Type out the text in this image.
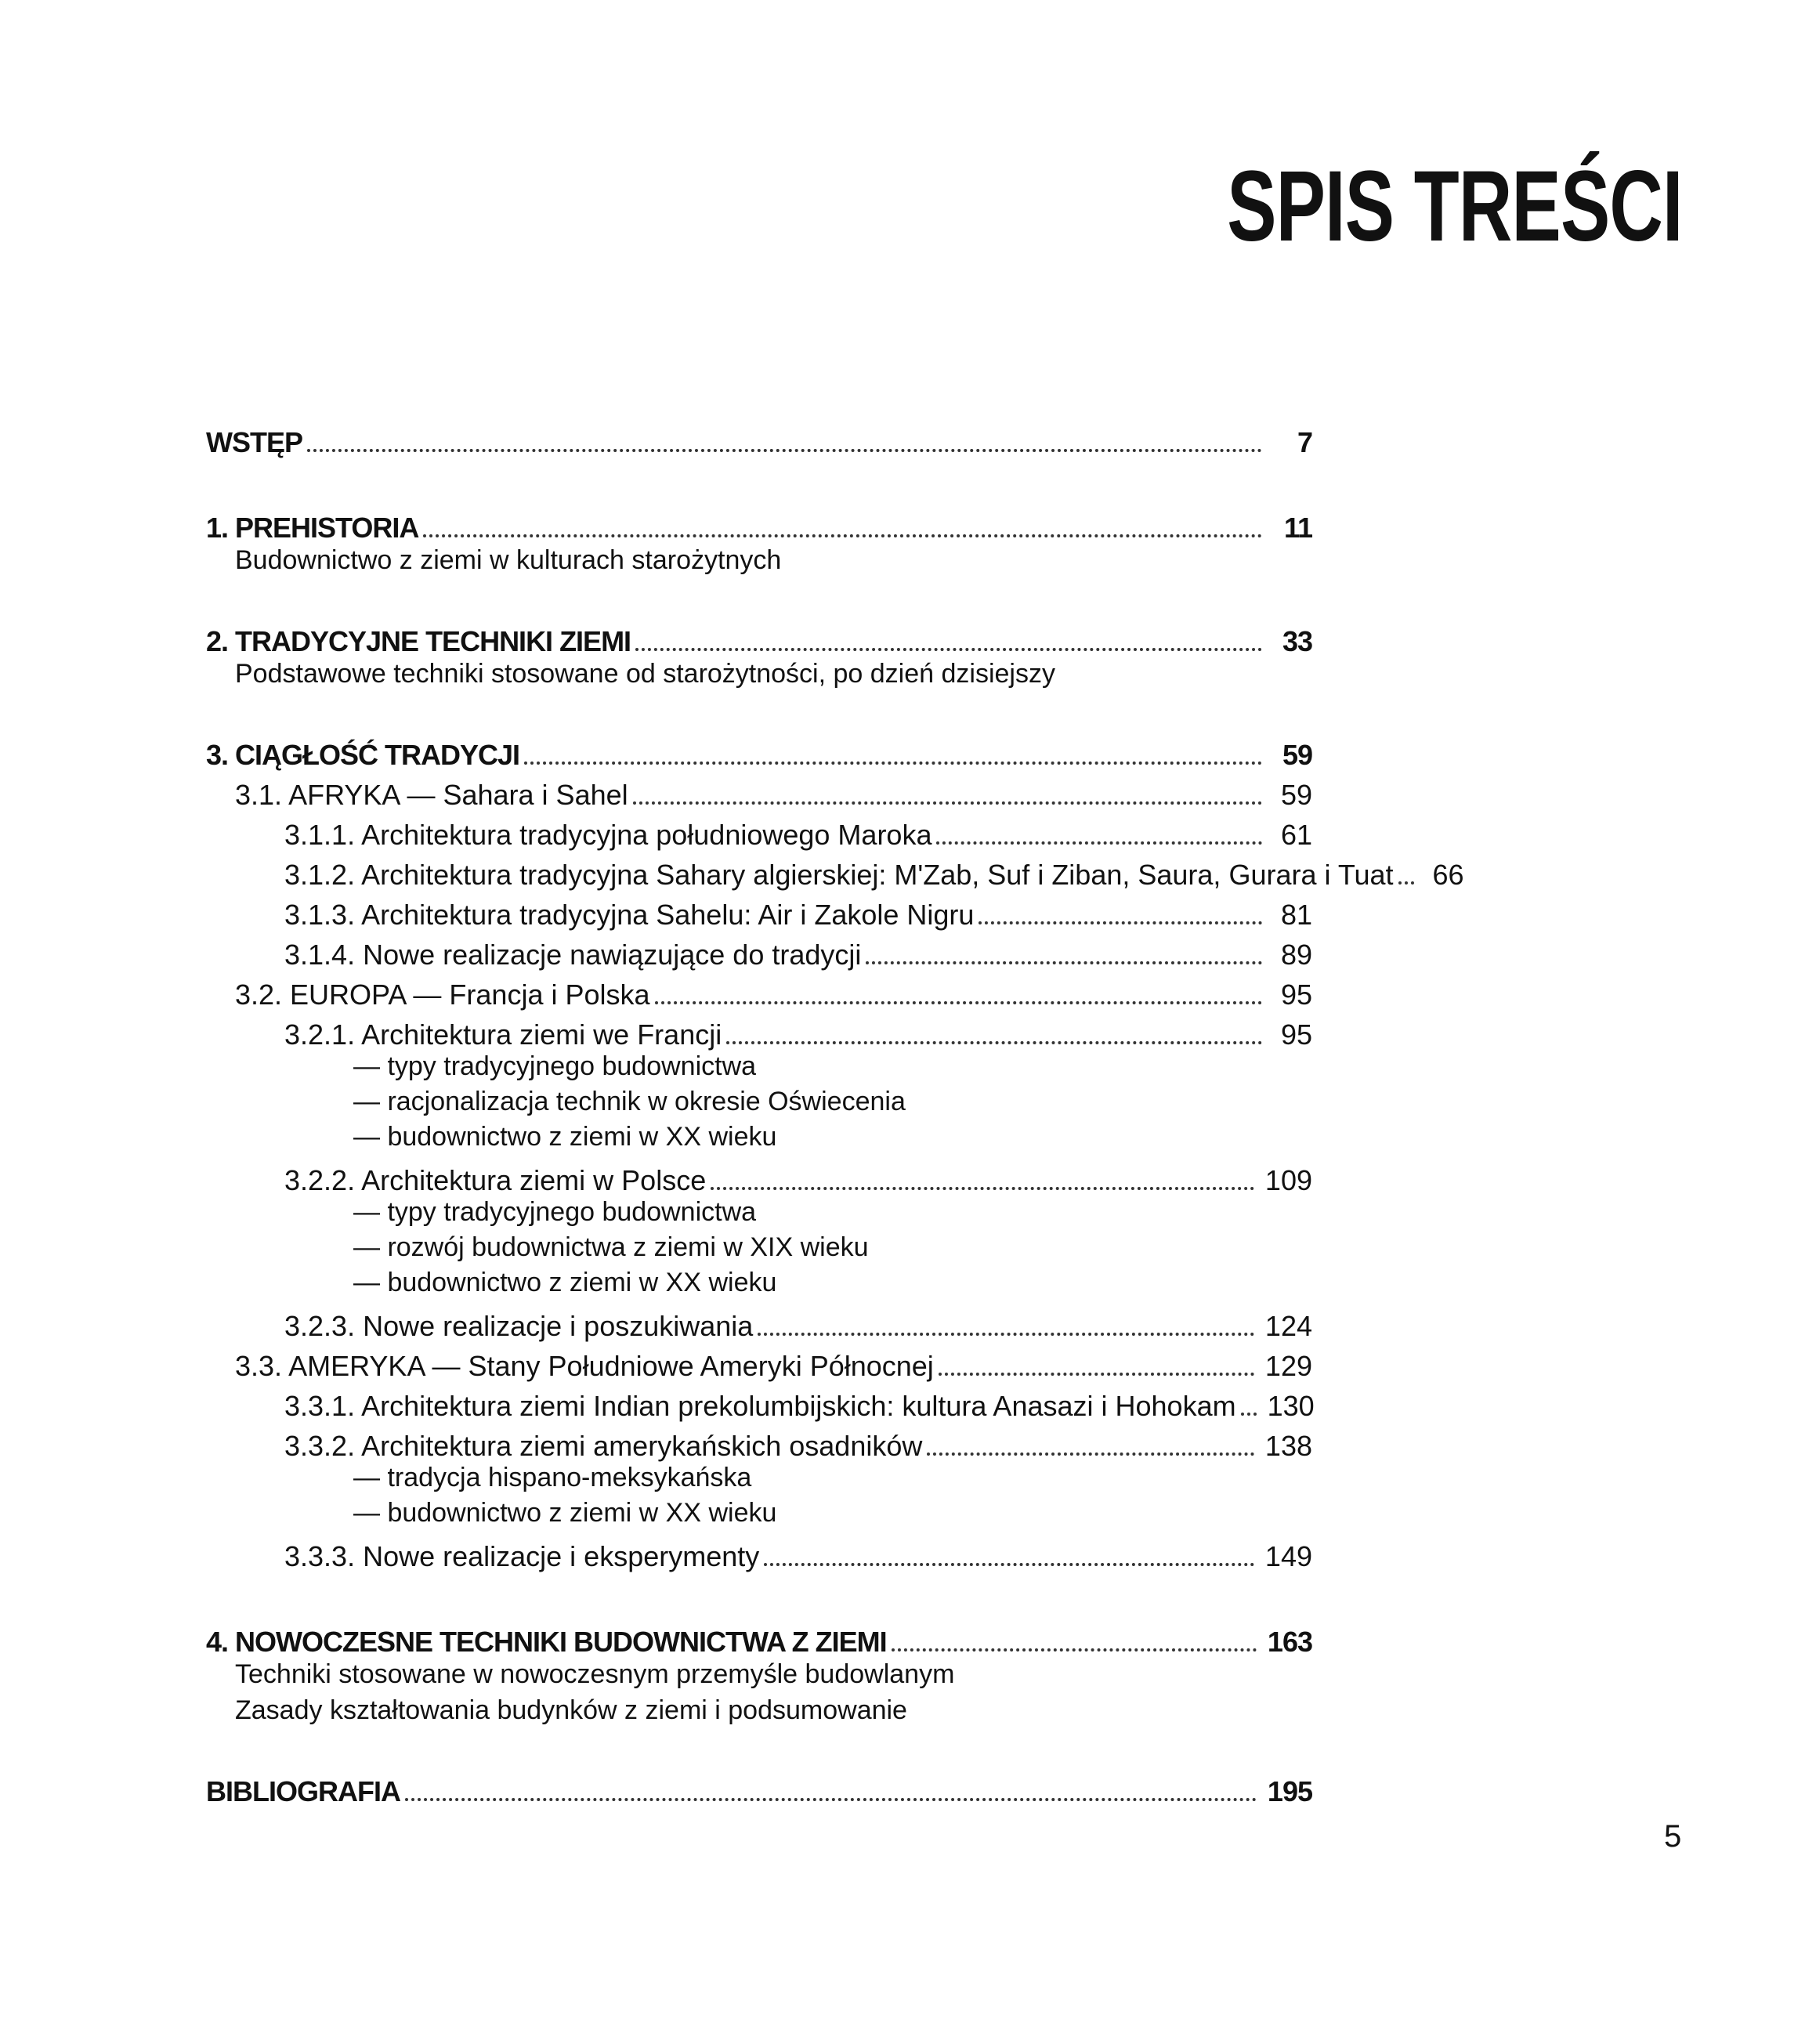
SPIS TREŚCI
WSTĘP	7
1. PREHISTORIA	11
Budownictwo z ziemi w kulturach starożytnych
2. TRADYCYJNE TECHNIKI ZIEMI	33
Podstawowe techniki stosowane od starożytności, po dzień dzisiejszy
3. CIĄGŁOŚĆ TRADYCJI	59
3.1. AFRYKA — Sahara i Sahel	59
3.1.1. Architektura tradycyjna południowego Maroka	61
3.1.2. Architektura tradycyjna Sahary algierskiej: M'Zab, Suf i Ziban, Saura, Gurara i Tuat 66
3.1.3. Architektura tradycyjna Sahelu: Air i Zakole Nigru	81
3.1.4. Nowe realizacje nawiązujące do tradycji	89
3.2. EUROPA — Francja i Polska	95
3.2.1. Architektura ziemi we Francji	95
— typy tradycyjnego budownictwa
— racjonalizacja technik w okresie Oświecenia
— budownictwo z ziemi w XX wieku
3.2.2. Architektura ziemi w Polsce	109
— typy tradycyjnego budownictwa
— rozwój budownictwa z ziemi w XIX wieku
— budownictwo z ziemi w XX wieku
3.2.3. Nowe realizacje i poszukiwania	124
3.3. AMERYKA — Stany Południowe Ameryki Północnej	129
3.3.1. Architektura ziemi Indian prekolumbijskich: kultura Anasazi i Hohokam 130
3.3.2. Architektura ziemi amerykańskich osadników	138
— tradycja hispano-meksykańska
— budownictwo z ziemi w XX wieku
3.3.3. Nowe realizacje i eksperymenty	149
4. NOWOCZESNE TECHNIKI BUDOWNICTWA Z ZIEMI	163
Techniki stosowane w nowoczesnym przemyśle budowlanym
Zasady kształtowania budynków z ziemi i podsumowanie
BIBLIOGRAFIA	195
5
